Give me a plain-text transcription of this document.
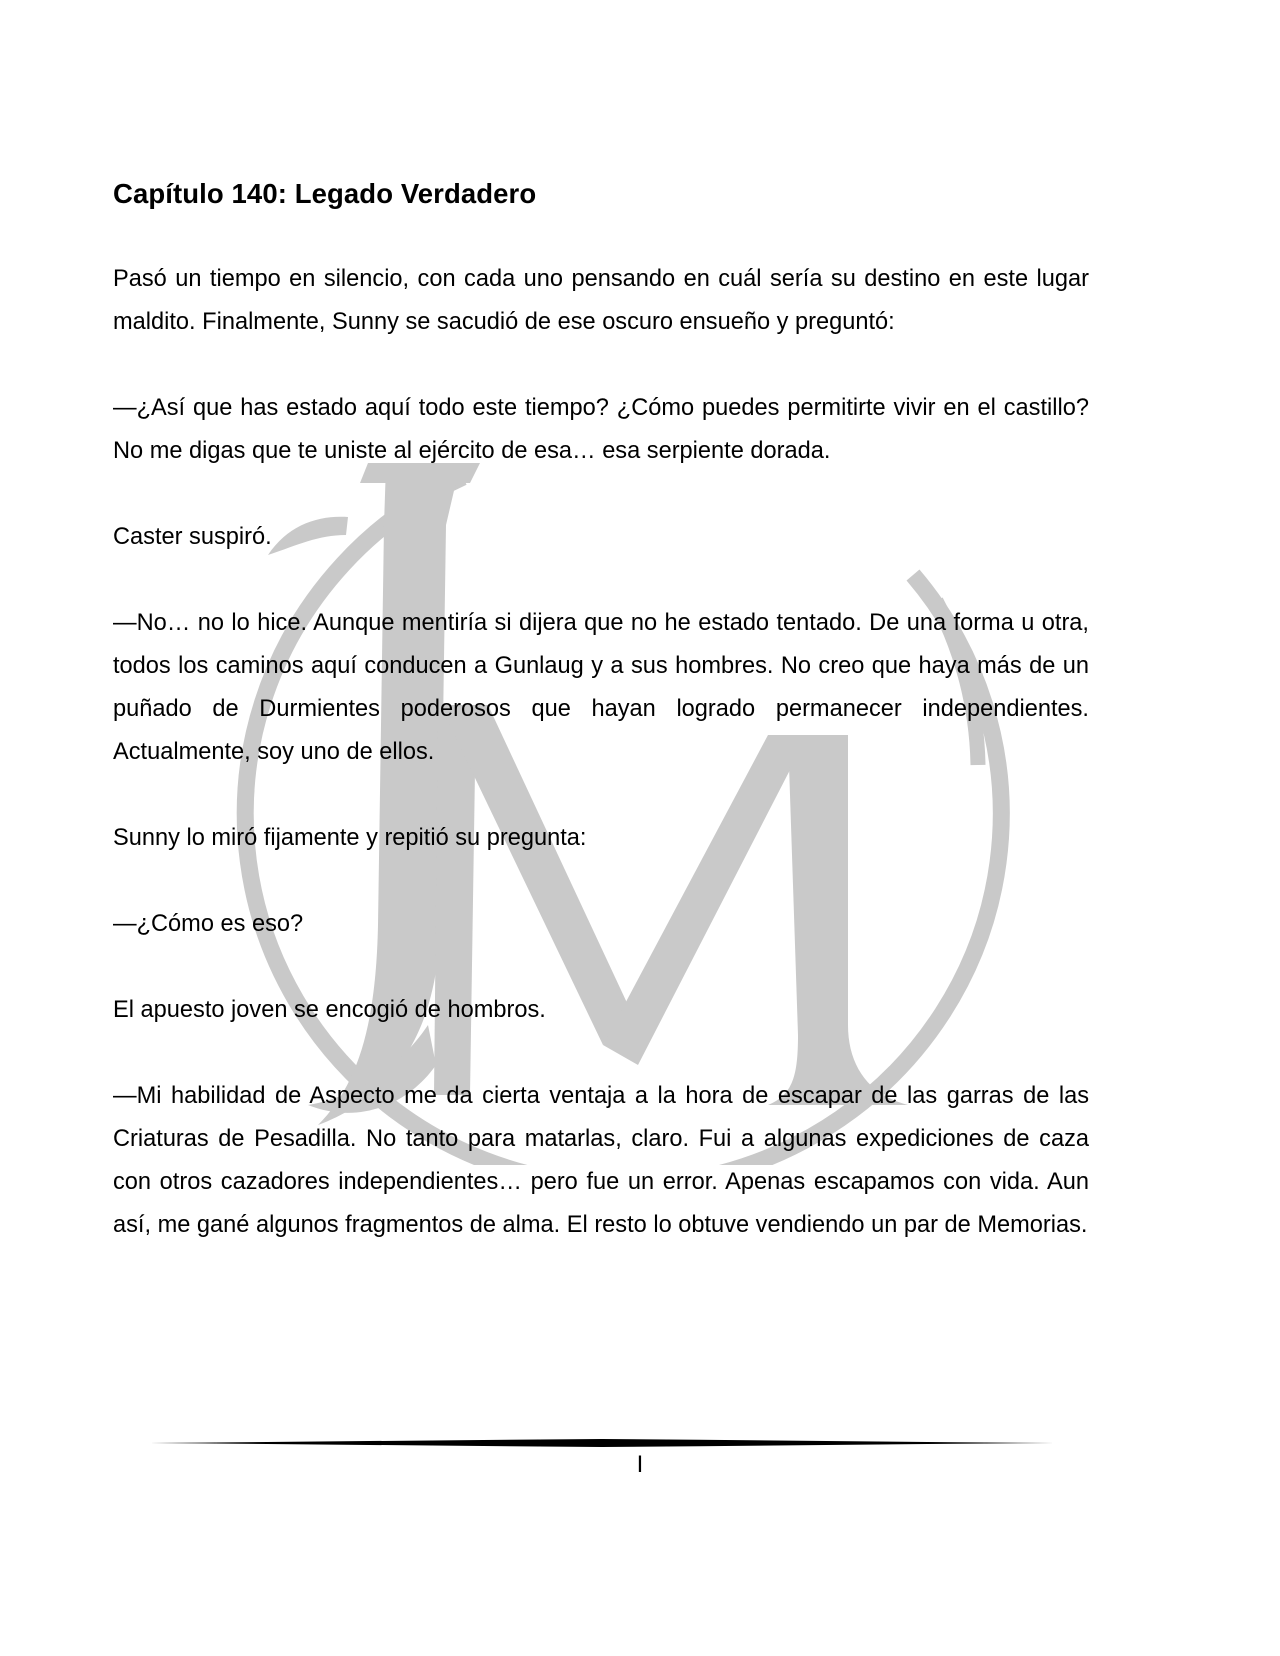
Capítulo 140: Legado Verdadero

Pasó un tiempo en silencio, con cada uno pensando en cuál sería su destino en este lugar maldito. Finalmente, Sunny se sacudió de ese oscuro ensueño y preguntó:

—¿Así que has estado aquí todo este tiempo? ¿Cómo puedes permitirte vivir en el castillo? No me digas que te uniste al ejército de esa… esa serpiente dorada.

Caster suspiró.

—No… no lo hice. Aunque mentiría si dijera que no he estado tentado. De una forma u otra, todos los caminos aquí conducen a Gunlaug y a sus hombres. No creo que haya más de un puñado de Durmientes poderosos que hayan logrado permanecer independientes. Actualmente, soy uno de ellos.

Sunny lo miró fijamente y repitió su pregunta:

—¿Cómo es eso?

El apuesto joven se encogió de hombros.

—Mi habilidad de Aspecto me da cierta ventaja a la hora de escapar de las garras de las Criaturas de Pesadilla. No tanto para matarlas, claro. Fui a algunas expediciones de caza con otros cazadores independientes… pero fue un error. Apenas escapamos con vida. Aun así, me gané algunos fragmentos de alma. El resto lo obtuve vendiendo un par de Memorias.

I
